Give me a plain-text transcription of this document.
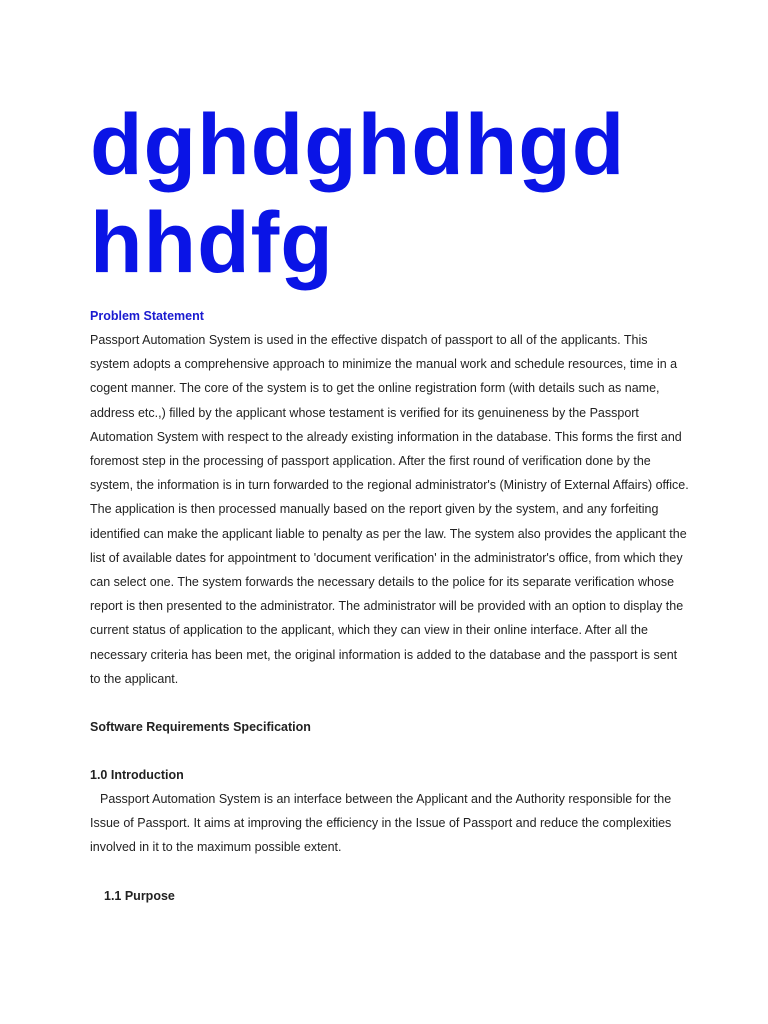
dghdghdhgd
hhdfg
Problem Statement

Passport Automation System is used in the effective dispatch of passport to all of the applicants. This system adopts a comprehensive approach to minimize the manual work and schedule resources, time in a cogent manner. The core of the system is to get the online registration form (with details such as name, address etc.,) filled by the applicant whose testament is verified for its genuineness by the Passport Automation System with respect to the already existing information in the database. This forms the first and foremost step in the processing of passport application. After the first round of verification done by the system, the information is in turn forwarded to the regional administrator's (Ministry of External Affairs) office. The application is then processed manually based on the report given by the system, and any forfeiting identified can make the applicant liable to penalty as per the law. The system also provides the applicant the list of available dates for appointment to 'document verification' in the administrator's office, from which they can select one. The system forwards the necessary details to the police for its separate verification whose report is then presented to the administrator. The administrator will be provided with an option to display the current status of application to the applicant, which they can view in their online interface. After all the necessary criteria has been met, the original information is added to the database and the passport is sent to the applicant.

Software Requirements Specification
1.0 Introduction

Passport Automation System is an interface between the Applicant and the Authority responsible for the Issue of Passport. It aims at improving the efficiency in the Issue of Passport and reduce the complexities involved in it to the maximum possible extent.

1.1 Purpose
